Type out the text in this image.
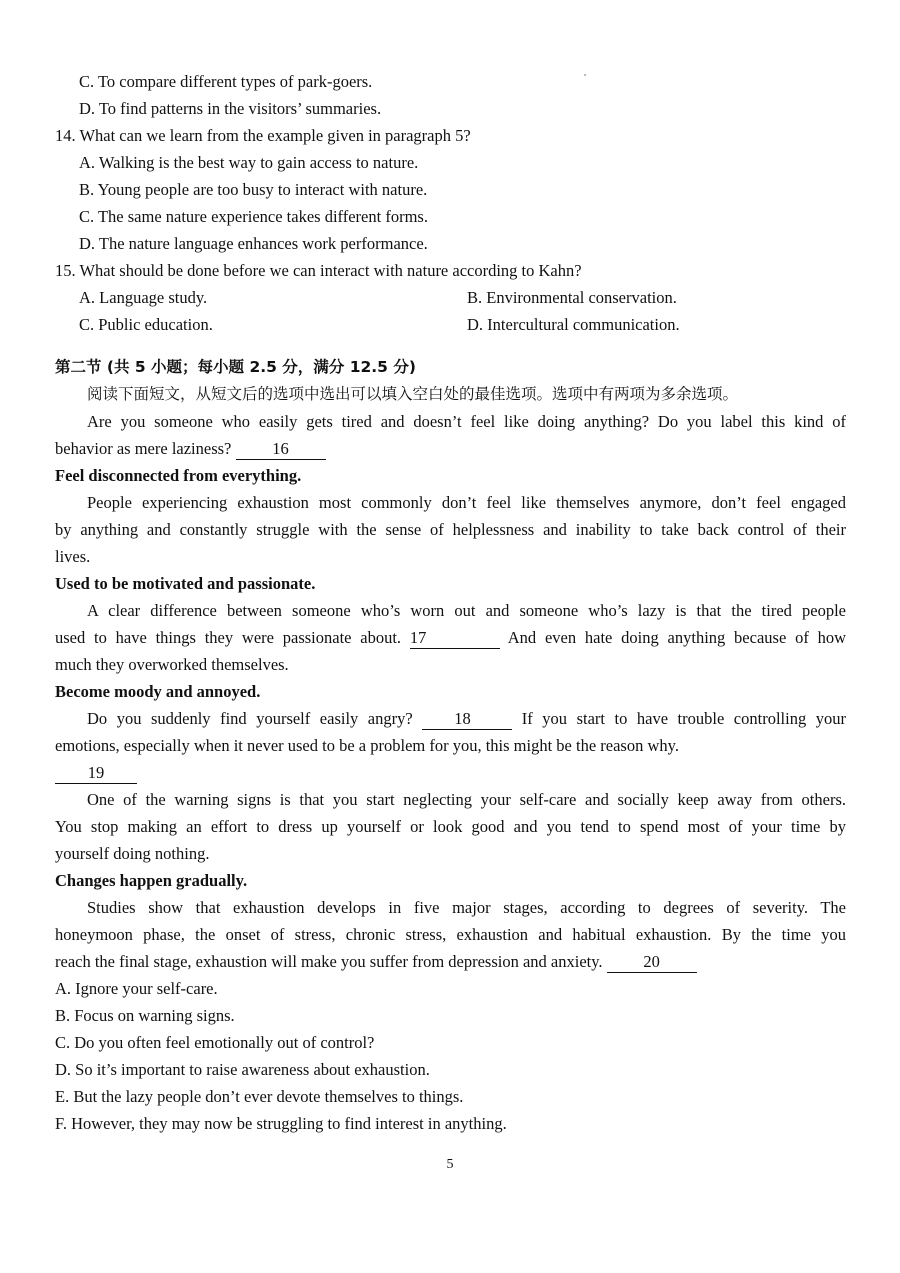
C. To compare different types of park-goers.
D. To find patterns in the visitors’ summaries.
14. What can we learn from the example given in paragraph 5?
A. Walking is the best way to gain access to nature.
B. Young people are too busy to interact with nature.
C. The same nature experience takes different forms.
D. The nature language enhances work performance.
15. What should be done before we can interact with nature according to Kahn?
A. Language study.	B. Environmental conservation.
C. Public education.	D. Intercultural communication.
第二节 (共 5 小题；每小题 2.5 分，满分 12.5 分)
阅读下面短文，从短文后的选项中选出可以填入空白处的最佳选项。选项中有两项为多余选项。
Are you someone who easily gets tired and doesn’t feel like doing anything? Do you label this kind of
behavior as mere laziness? 16
Feel disconnected from everything.
People experiencing exhaustion most commonly don’t feel like themselves anymore, don’t feel engaged
by anything and constantly struggle with the sense of helplessness and inability to take back control of their
lives.
Used to be motivated and passionate.
A clear difference between someone who’s worn out and someone who’s lazy is that the tired people
used to have things they were passionate about. 17	And even hate doing anything because of how
much they overworked themselves.
Become moody and annoyed.
Do you suddenly find yourself easily angry?	18	If you start to have trouble controlling your
emotions, especially when it never used to be a problem for you, this might be the reason why.
19
One of the warning signs is that you start neglecting your self-care and socially keep away from others.
You stop making an effort to dress up yourself or look good and you tend to spend most of your time by
yourself doing nothing.
Changes happen gradually.
Studies show that exhaustion develops in five major stages, according to degrees of severity. The
honeymoon phase, the onset of stress, chronic stress, exhaustion and habitual exhaustion. By the time you
reach the final stage, exhaustion will make you suffer from depression and anxiety. 20
A. Ignore your self-care.
B. Focus on warning signs.
C. Do you often feel emotionally out of control?
D. So it’s important to raise awareness about exhaustion.
E. But the lazy people don’t ever devote themselves to things.
F. However, they may now be struggling to find interest in anything.
5
